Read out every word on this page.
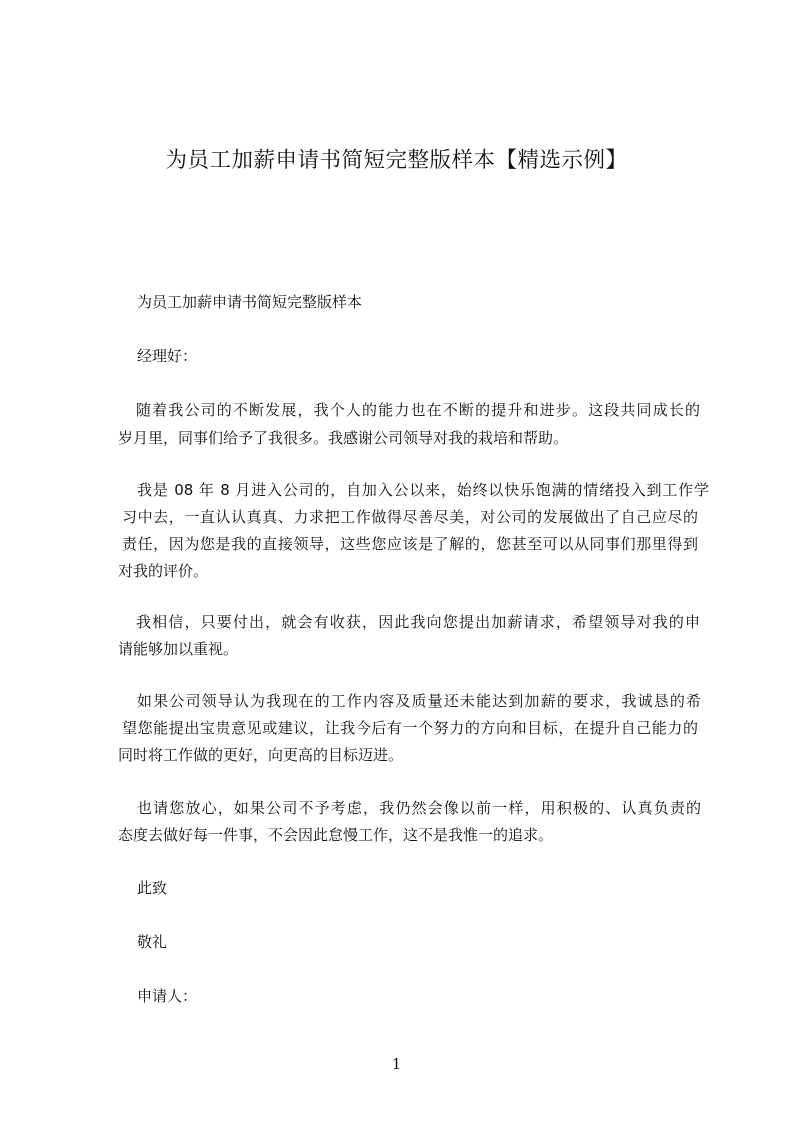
为员工加薪申请书简短完整版样本【精选示例】
为员工加薪申请书简短完整版样本
经理好：
随着我公司的不断发展，我个人的能力也在不断的提升和进步。这段共同成长的
岁月里，同事们给予了我很多。我感谢公司领导对我的栽培和帮助。
我是 08 年 8 月进入公司的，自加入公以来，始终以快乐饱满的情绪投入到工作学
习中去，一直认认真真、力求把工作做得尽善尽美，对公司的发展做出了自己应尽的
责任，因为您是我的直接领导，这些您应该是了解的，您甚至可以从同事们那里得到
对我的评价。
我相信，只要付出，就会有收获，因此我向您提出加薪请求，希望领导对我的申
请能够加以重视。
如果公司领导认为我现在的工作内容及质量还未能达到加薪的要求，我诚恳的希
望您能提出宝贵意见或建议，让我今后有一个努力的方向和目标，在提升自己能力的
同时将工作做的更好，向更高的目标迈进。
也请您放心，如果公司不予考虑，我仍然会像以前一样，用积极的、认真负责的
态度去做好每一件事，不会因此怠慢工作，这不是我惟一的追求。
此致
敬礼
申请人：
1
